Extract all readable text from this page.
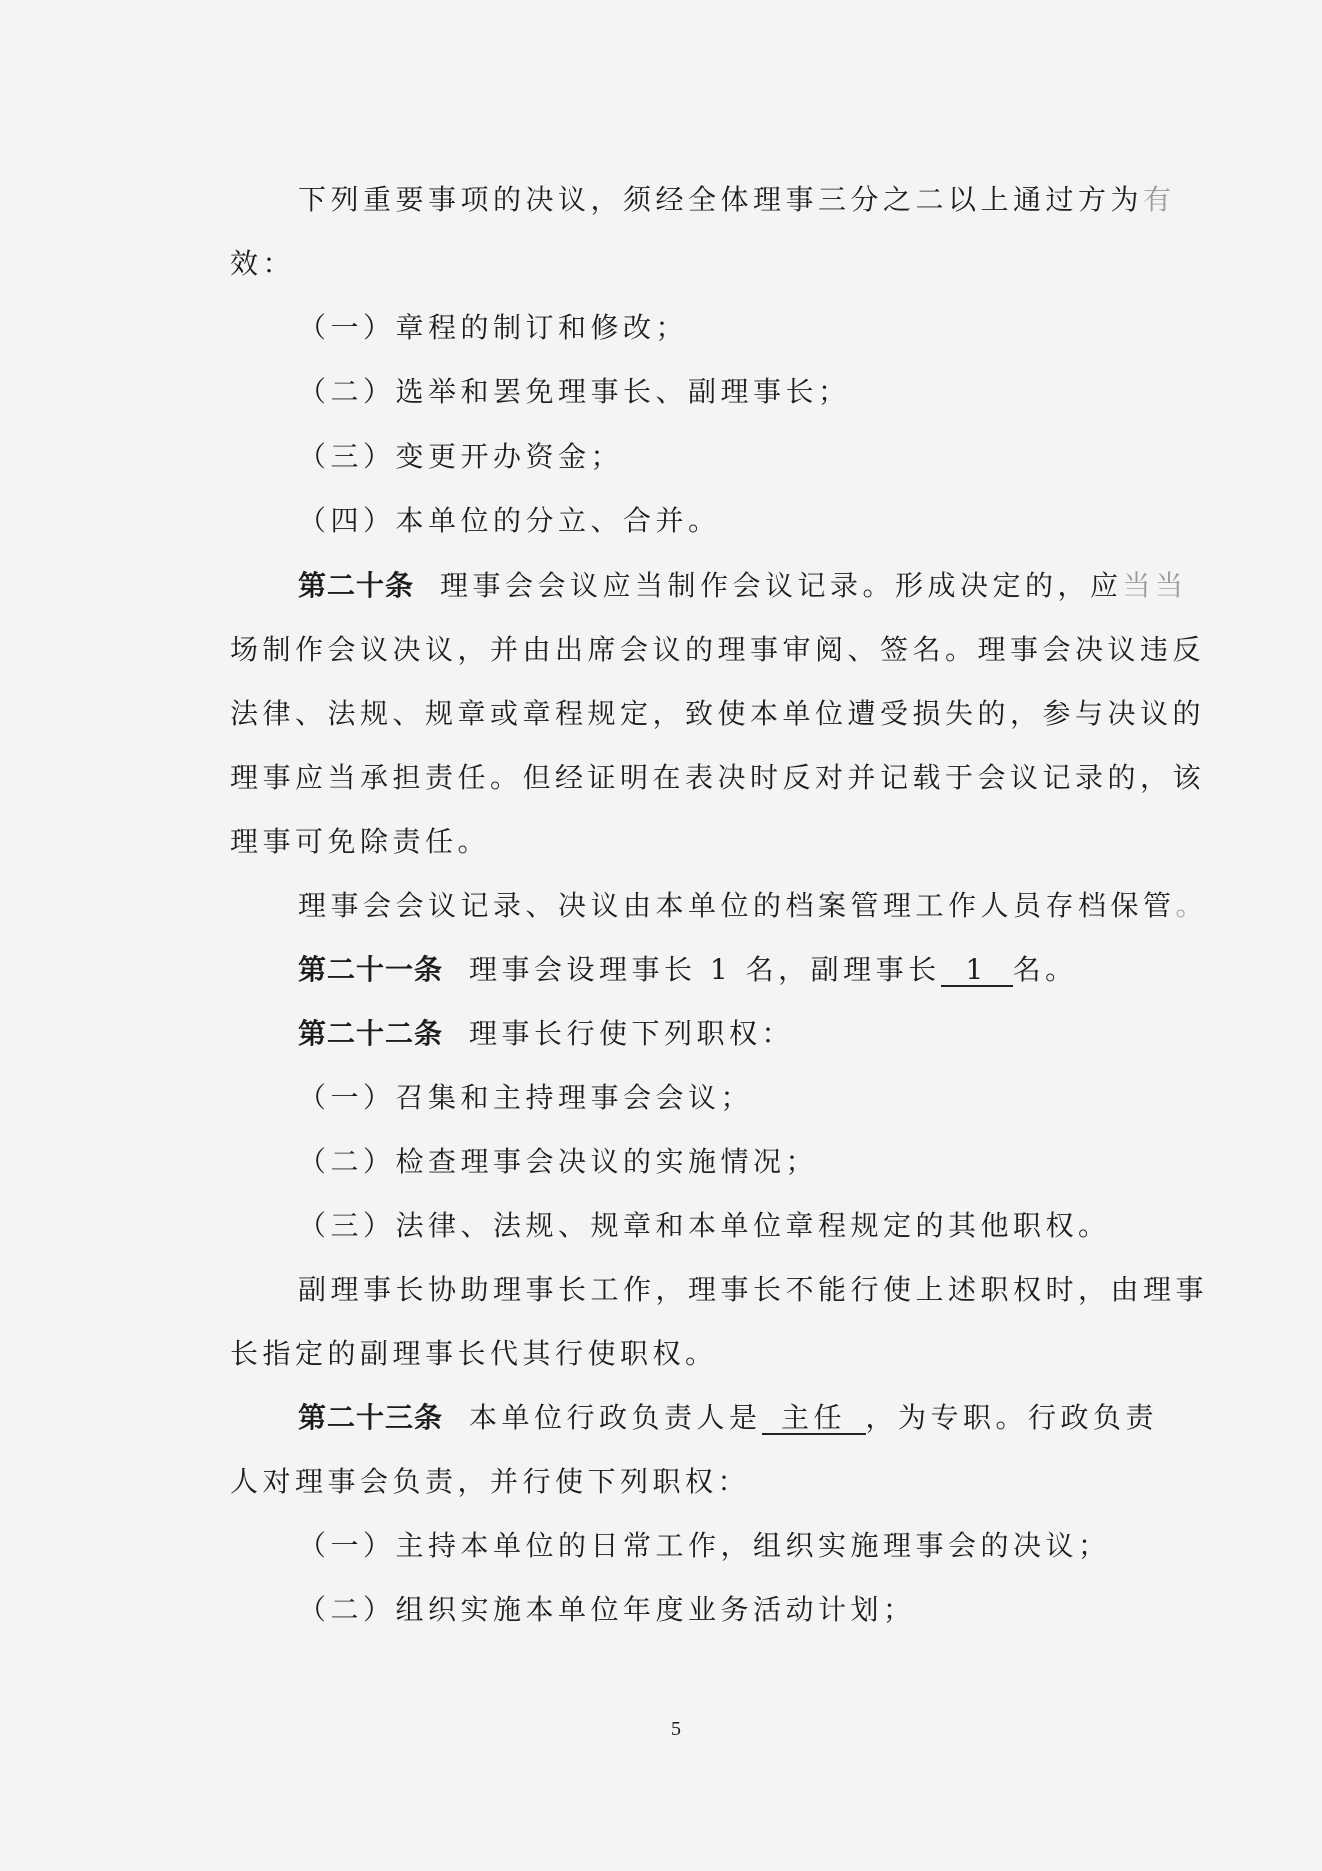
下列重要事项的决议，须经全体理事三分之二以上通过方为有
效：
（一）章程的制订和修改；
（二）选举和罢免理事长、副理事长；
（三）变更开办资金；
（四）本单位的分立、合并。
第二十条 理事会会议应当制作会议记录。形成决定的，应当当
场制作会议决议，并由出席会议的理事审阅、签名。理事会决议违反
法律、法规、规章或章程规定，致使本单位遭受损失的，参与决议的
理事应当承担责任。但经证明在表决时反对并记载于会议记录的，该
理事可免除责任。
理事会会议记录、决议由本单位的档案管理工作人员存档保管。
第二十一条 理事会设理事长 1 名，副理事长 1 名。
第二十二条 理事长行使下列职权：
（一）召集和主持理事会会议；
（二）检查理事会决议的实施情况；
（三）法律、法规、规章和本单位章程规定的其他职权。
副理事长协助理事长工作，理事长不能行使上述职权时，由理事
长指定的副理事长代其行使职权。
第二十三条 本单位行政负责人是 主任 ，为专职。行政负责
人对理事会负责，并行使下列职权：
（一）主持本单位的日常工作，组织实施理事会的决议；
（二）组织实施本单位年度业务活动计划；
5
